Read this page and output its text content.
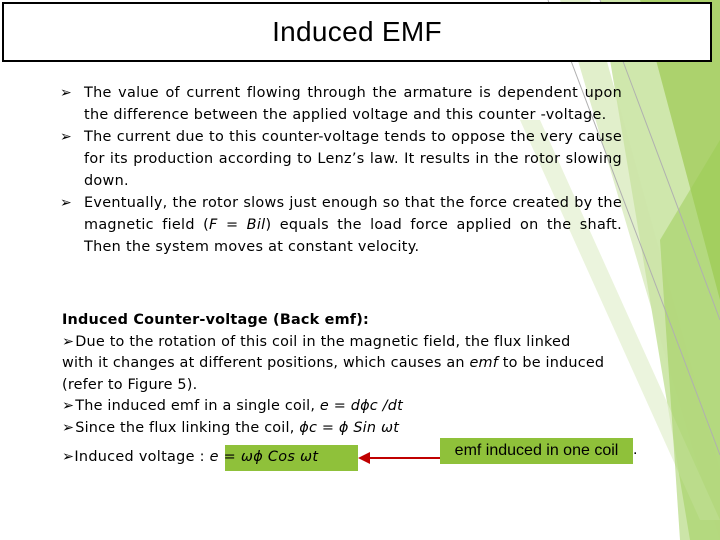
Induced EMF
➢ The value of current flowing through the armature is dependent upon the difference between the applied voltage and this counter -voltage.
➢ The current due to this counter-voltage tends to oppose the very cause for its production according to Lenz’s law. It results in the rotor slowing down.
➢ Eventually, the rotor slows just enough so that the force created by the magnetic field (F = Bil) equals the load force applied on the shaft. Then the system moves at constant velocity.
Induced Counter-voltage (Back emf):
➢Due to the rotation of this coil in the magnetic field, the flux linked
with it changes at different positions, which causes an emf to be induced
(refer to Figure 5).
➢The induced emf in a single coil, e = dϕc /dt
➢Since the flux linking the coil, ϕc = ϕ Sin ωt
➢Induced voltage : e = ωϕ Cos ωt	emf induced in one coil .
